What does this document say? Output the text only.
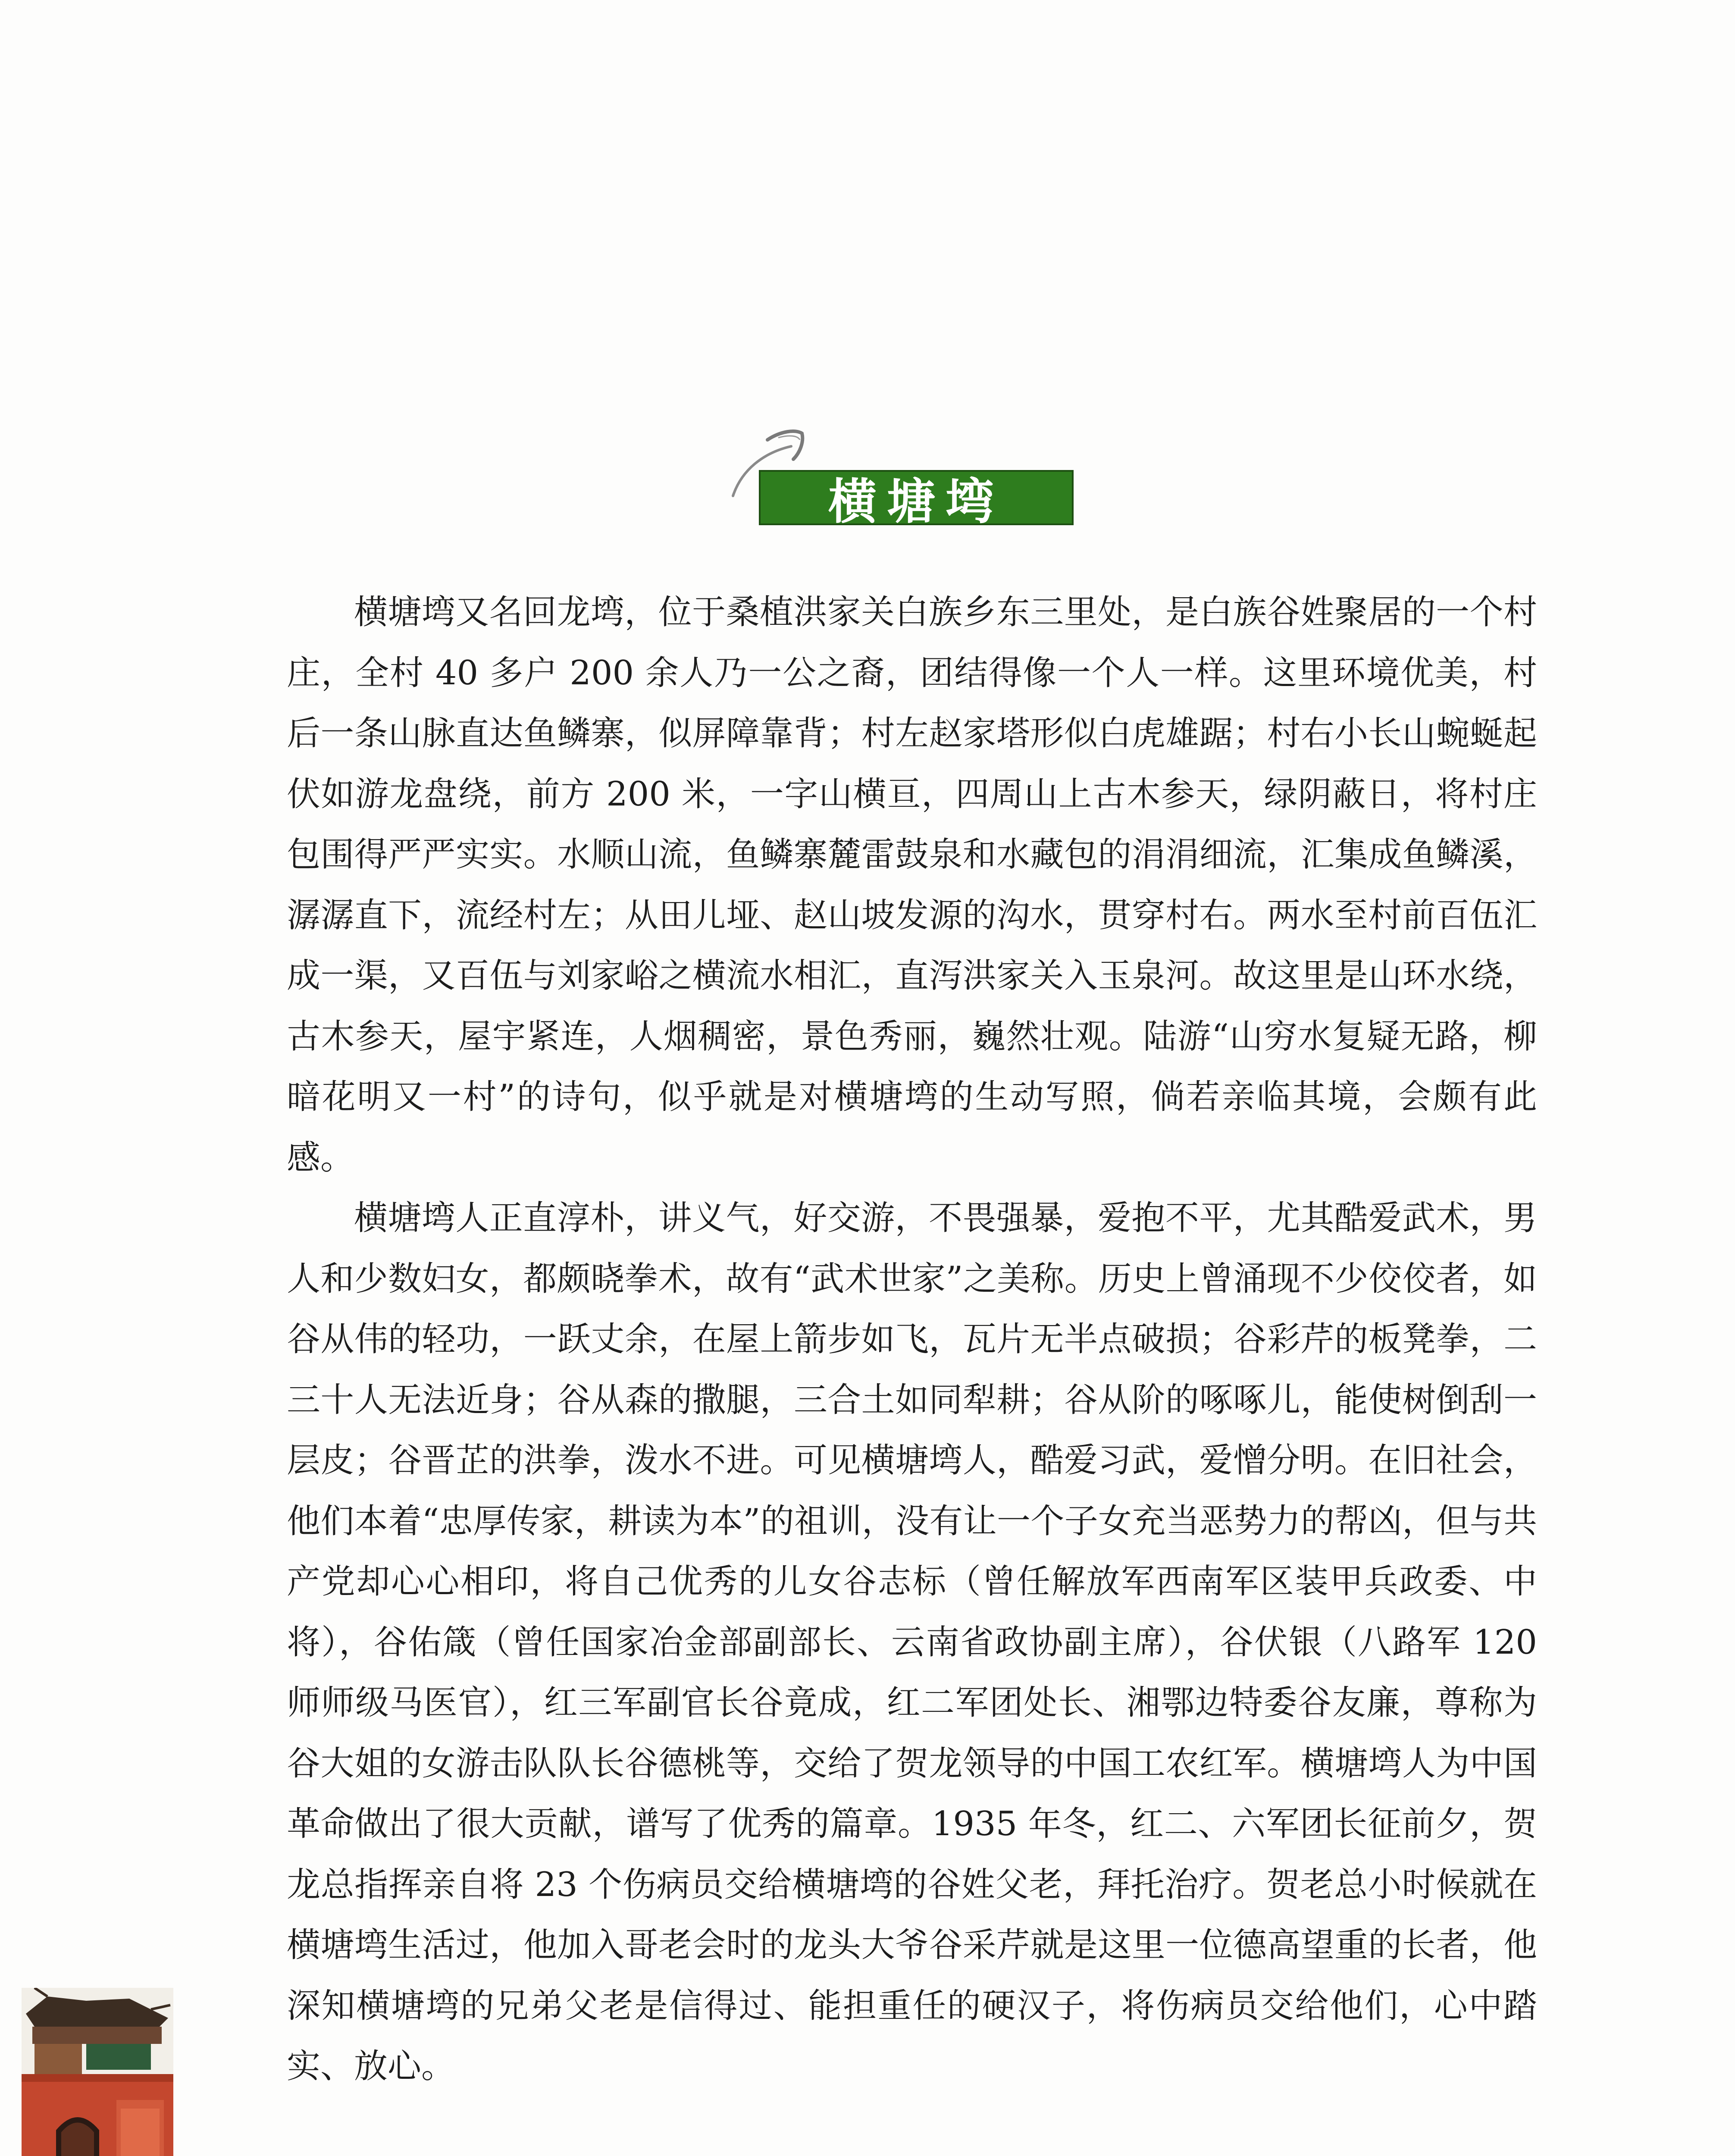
横塘塆

横塘塆又名回龙塆，位于桑植洪家关白族乡东三里处，是白族谷姓聚居的一个村庄，全村 40 多户 200 余人乃一公之裔，团结得像一个人一样。这里环境优美，村后一条山脉直达鱼鳞寨，似屏障靠背；村左赵家塔形似白虎雄踞；村右小长山蜿蜒起伏如游龙盘绕，前方 200 米，一字山横亘，四周山上古木参天，绿阴蔽日，将村庄包围得严严实实。水顺山流，鱼鳞寨麓雷鼓泉和水藏包的涓涓细流，汇集成鱼鳞溪，潺潺直下，流经村左；从田儿垭、赵山坡发源的沟水，贯穿村右。两水至村前百伍汇成一渠，又百伍与刘家峪之横流水相汇，直泻洪家关入玉泉河。故这里是山环水绕，古木参天，屋宇紧连，人烟稠密，景色秀丽，巍然壮观。陆游“山穷水复疑无路，柳暗花明又一村”的诗句，似乎就是对横塘塆的生动写照，倘若亲临其境，会颇有此感。

横塘塆人正直淳朴，讲义气，好交游，不畏强暴，爱抱不平，尤其酷爱武术，男人和少数妇女，都颇晓拳术，故有“武术世家”之美称。历史上曾涌现不少佼佼者，如谷从伟的轻功，一跃丈余，在屋上箭步如飞，瓦片无半点破损；谷彩芹的板凳拳，二三十人无法近身；谷从森的撒腿，三合土如同犁耕；谷从阶的啄啄儿，能使树倒刮一层皮；谷晋芷的洪拳，泼水不进。可见横塘塆人，酷爱习武，爱憎分明。在旧社会，他们本着“忠厚传家，耕读为本”的祖训，没有让一个子女充当恶势力的帮凶，但与共产党却心心相印，将自己优秀的儿女谷志标（曾任解放军西南军区装甲兵政委、中将），谷佑箴（曾任国家冶金部副部长、云南省政协副主席），谷伏银（八路军 120 师师级马医官），红三军副官长谷竟成，红二军团处长、湘鄂边特委谷友廉，尊称为谷大姐的女游击队队长谷德桃等，交给了贺龙领导的中国工农红军。横塘塆人为中国革命做出了很大贡献，谱写了优秀的篇章。1935 年冬，红二、六军团长征前夕，贺龙总指挥亲自将 23 个伤病员交给横塘塆的谷姓父老，拜托治疗。贺老总小时候就在横塘塆生活过，他加入哥老会时的龙头大爷谷采芹就是这里一位德高望重的长者，他深知横塘塆的兄弟父老是信得过、能担重任的硬汉子，将伤病员交给他们，心中踏实、放心。
